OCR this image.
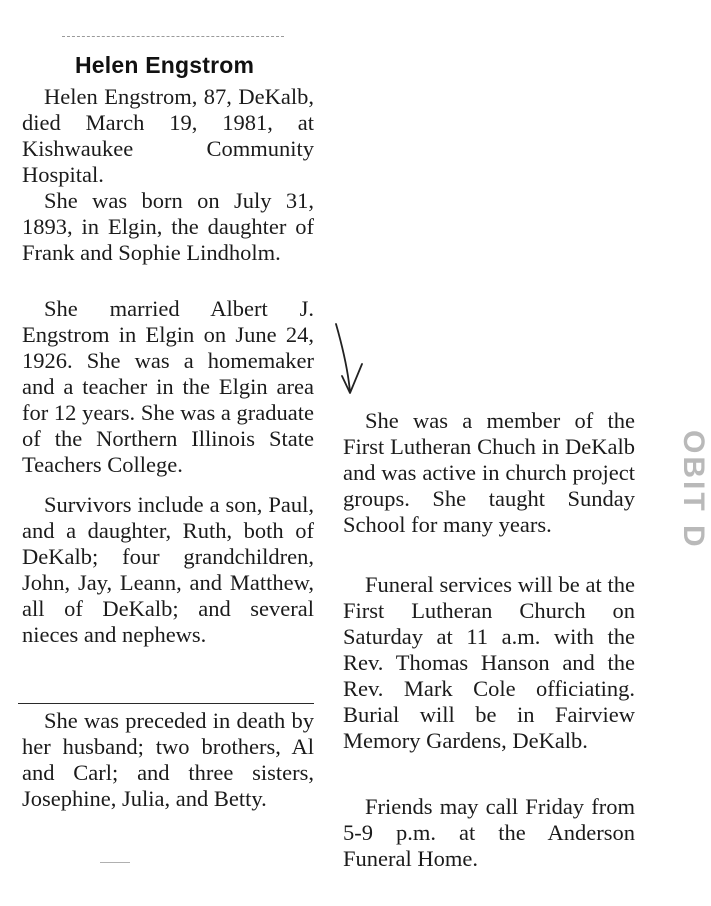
Helen Engstrom

Helen Engstrom, 87, DeKalb, died March 19, 1981, at Kishwaukee Community Hospital.

She was born on July 31, 1893, in Elgin, the daughter of Frank and Sophie Lindholm.

She married Albert J. Engstrom in Elgin on June 24, 1926. She was a homemaker and a teacher in the Elgin area for 12 years. She was a graduate of the Northern Illinois State Teachers College.

Survivors include a son, Paul, and a daughter, Ruth, both of DeKalb; four grandchildren, John, Jay, Leann, and Matthew, all of DeKalb; and several nieces and nephews.

She was preceded in death by her husband; two brothers, Al and Carl; and three sisters, Josephine, Julia, and Betty.

She was a member of the First Lutheran Chuch in DeKalb and was active in church project groups. She taught Sunday School for many years.

Funeral services will be at the First Lutheran Church on Saturday at 11 a.m. with the Rev. Thomas Hanson and the Rev. Mark Cole officiating. Burial will be in Fairview Memory Gardens, DeKalb.

Friends may call Friday from 5-9 p.m. at the Anderson Funeral Home.

OBIT D
